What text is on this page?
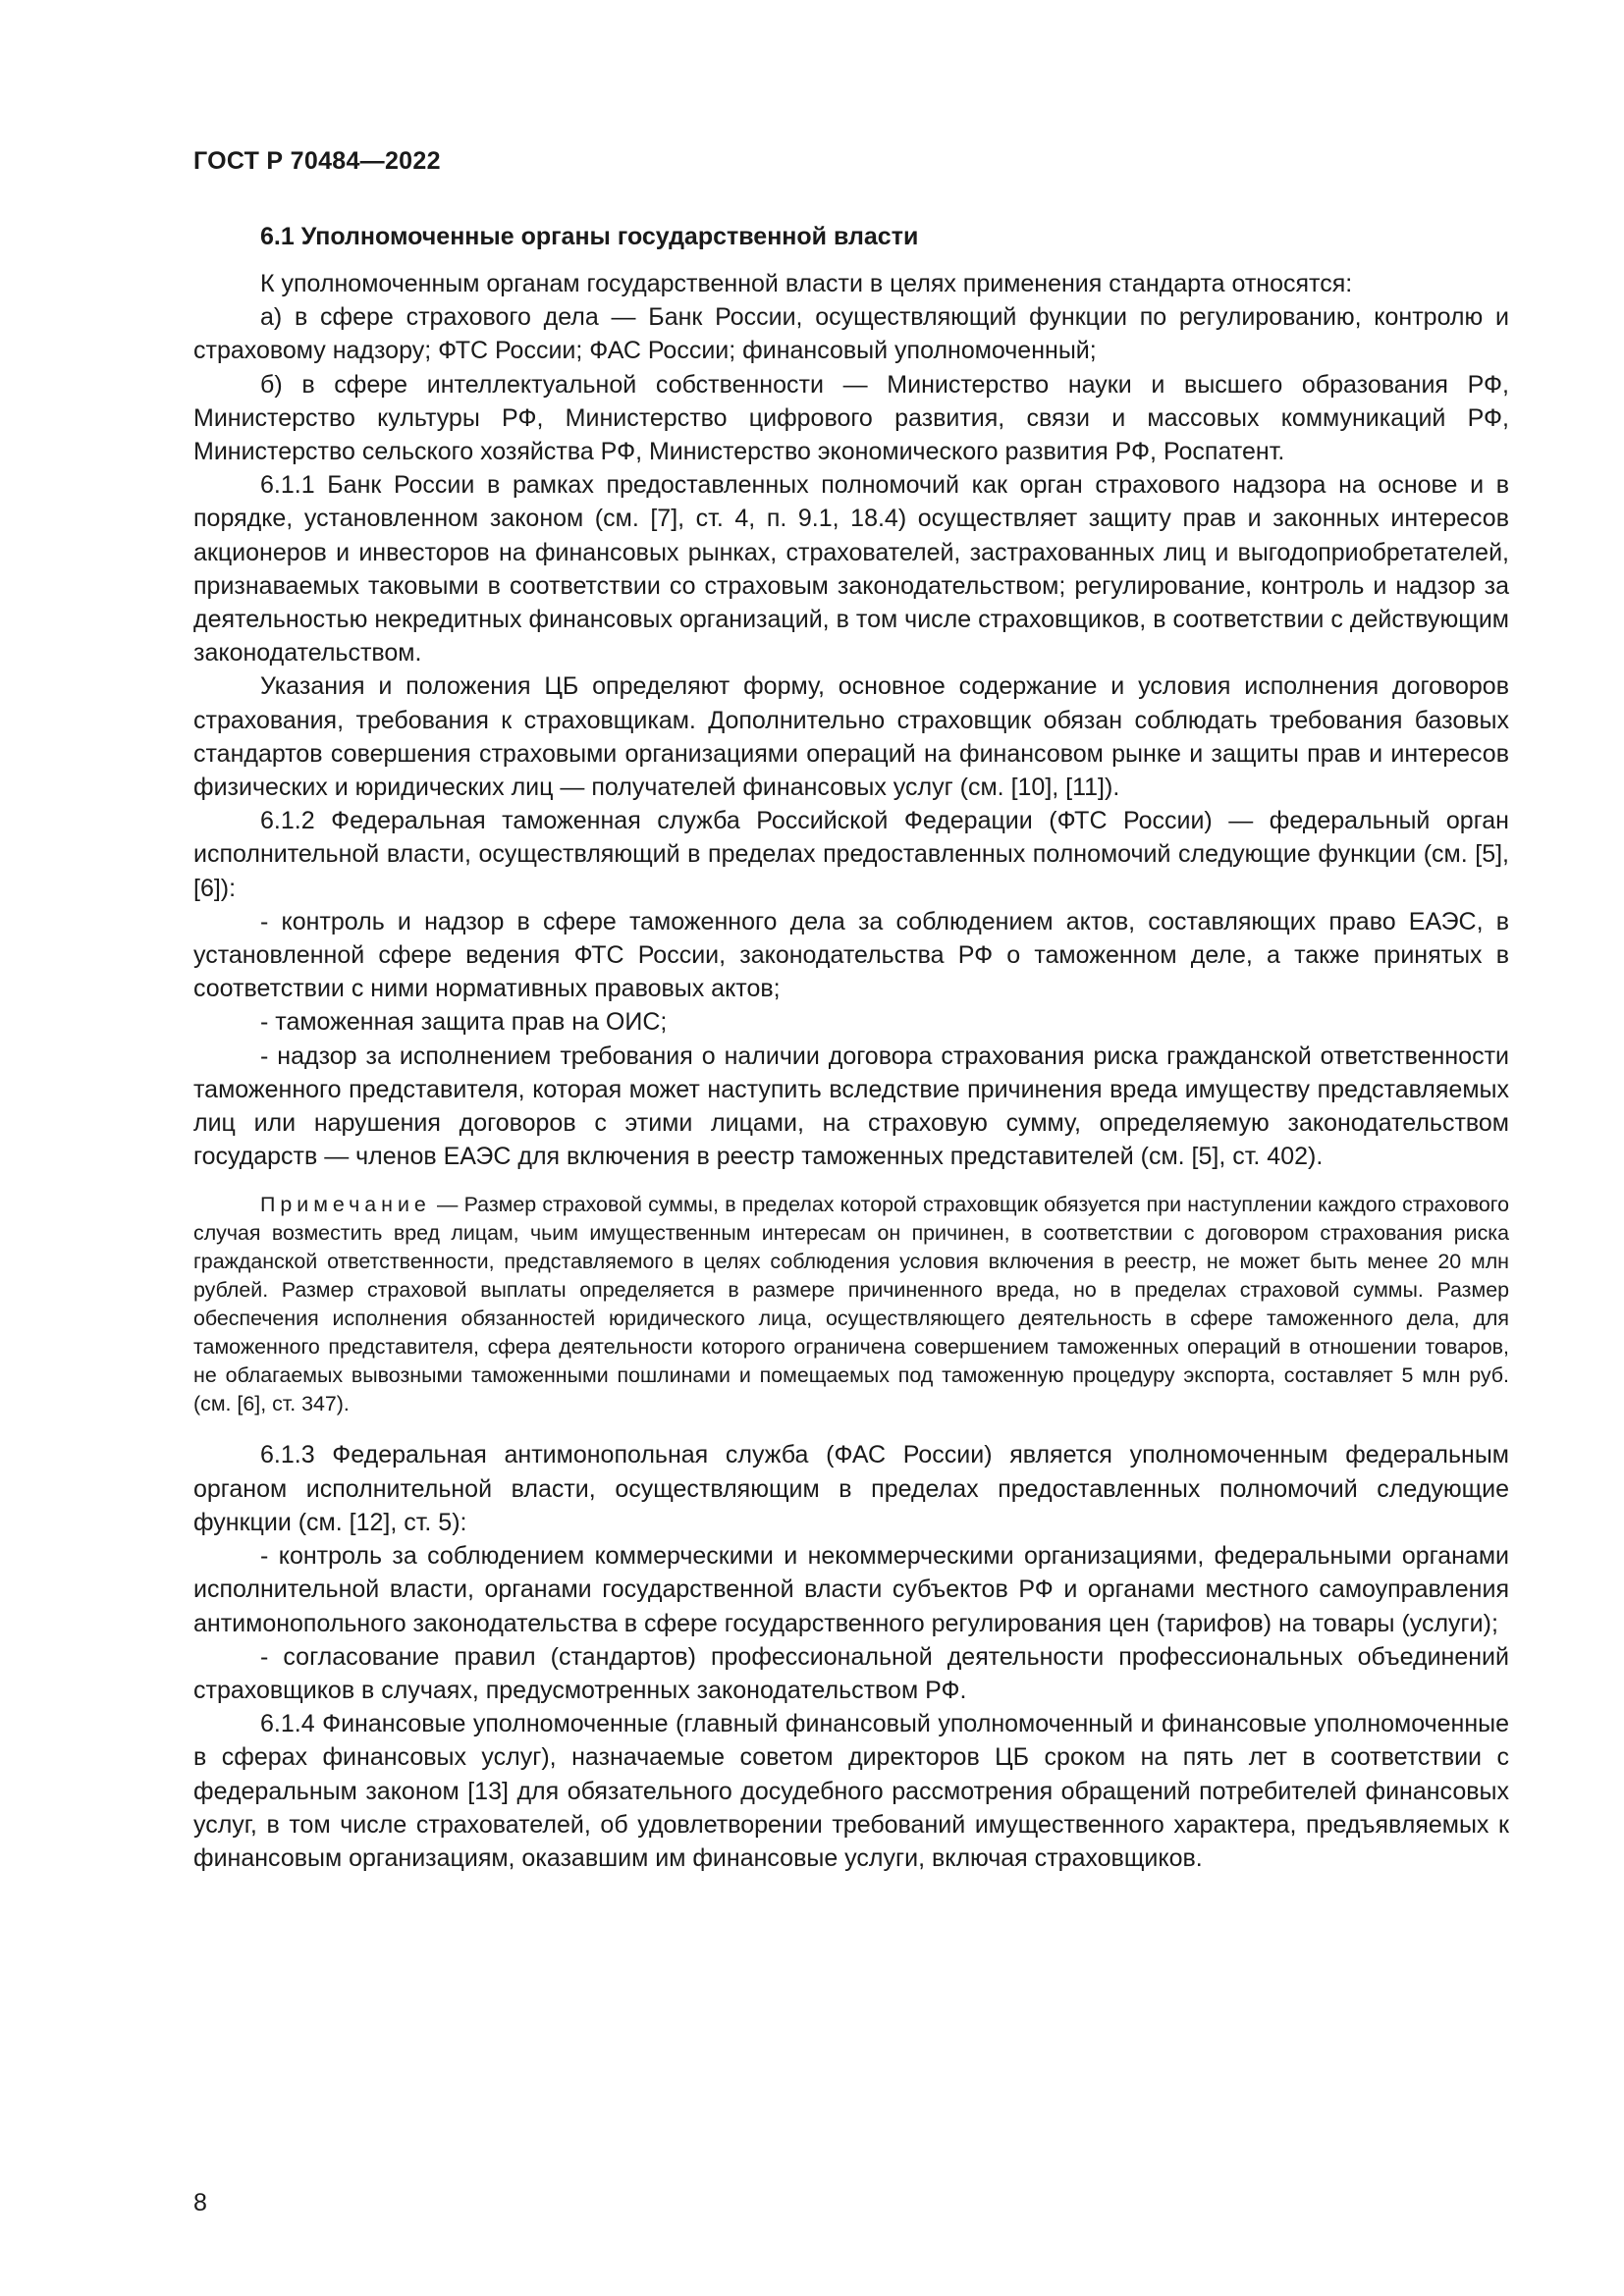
ГОСТ Р 70484—2022
6.1 Уполномоченные органы государственной власти

К уполномоченным органам государственной власти в целях применения стандарта относятся:

а) в сфере страхового дела — Банк России, осуществляющий функции по регулированию, контролю и страховому надзору; ФТС России; ФАС России; финансовый уполномоченный;

б) в сфере интеллектуальной собственности — Министерство науки и высшего образования РФ, Министерство культуры РФ, Министерство цифрового развития, связи и массовых коммуникаций РФ, Министерство сельского хозяйства РФ, Министерство экономического развития РФ, Роспатент.

6.1.1 Банк России в рамках предоставленных полномочий как орган страхового надзора на основе и в порядке, установленном законом (см. [7], ст. 4, п. 9.1, 18.4) осуществляет защиту прав и законных интересов акционеров и инвесторов на финансовых рынках, страхователей, застрахованных лиц и выгодоприобретателей, признаваемых таковыми в соответствии со страховым законодательством; регулирование, контроль и надзор за деятельностью некредитных финансовых организаций, в том числе страховщиков, в соответствии с действующим законодательством.

Указания и положения ЦБ определяют форму, основное содержание и условия исполнения договоров страхования, требования к страховщикам. Дополнительно страховщик обязан соблюдать требования базовых стандартов совершения страховыми организациями операций на финансовом рынке и защиты прав и интересов физических и юридических лиц — получателей финансовых услуг (см. [10], [11]).

6.1.2 Федеральная таможенная служба Российской Федерации (ФТС России) — федеральный орган исполнительной власти, осуществляющий в пределах предоставленных полномочий следующие функции (см. [5], [6]):

- контроль и надзор в сфере таможенного дела за соблюдением актов, составляющих право ЕАЭС, в установленной сфере ведения ФТС России, законодательства РФ о таможенном деле, а также принятых в соответствии с ними нормативных правовых актов;

- таможенная защита прав на ОИС;

- надзор за исполнением требования о наличии договора страхования риска гражданской ответственности таможенного представителя, которая может наступить вследствие причинения вреда имуществу представляемых лиц или нарушения договоров с этими лицами, на страховую сумму, определяемую законодательством государств — членов ЕАЭС для включения в реестр таможенных представителей (см. [5], ст. 402).

Примечание — Размер страховой суммы, в пределах которой страховщик обязуется при наступлении каждого страхового случая возместить вред лицам, чьим имущественным интересам он причинен, в соответствии с договором страхования риска гражданской ответственности, представляемого в целях соблюдения условия включения в реестр, не может быть менее 20 млн рублей. Размер страховой выплаты определяется в размере причиненного вреда, но в пределах страховой суммы. Размер обеспечения исполнения обязанностей юридического лица, осуществляющего деятельность в сфере таможенного дела, для таможенного представителя, сфера деятельности которого ограничена совершением таможенных операций в отношении товаров, не облагаемых вывозными таможенными пошлинами и помещаемых под таможенную процедуру экспорта, составляет 5 млн руб. (см. [6], ст. 347).

6.1.3 Федеральная антимонопольная служба (ФАС России) является уполномоченным федеральным органом исполнительной власти, осуществляющим в пределах предоставленных полномочий следующие функции (см. [12], ст. 5):

- контроль за соблюдением коммерческими и некоммерческими организациями, федеральными органами исполнительной власти, органами государственной власти субъектов РФ и органами местного самоуправления антимонопольного законодательства в сфере государственного регулирования цен (тарифов) на товары (услуги);

- согласование правил (стандартов) профессиональной деятельности профессиональных объединений страховщиков в случаях, предусмотренных законодательством РФ.

6.1.4 Финансовые уполномоченные (главный финансовый уполномоченный и финансовые уполномоченные в сферах финансовых услуг), назначаемые советом директоров ЦБ сроком на пять лет в соответствии с федеральным законом [13] для обязательного досудебного рассмотрения обращений потребителей финансовых услуг, в том числе страхователей, об удовлетворении требований имущественного характера, предъявляемых к финансовым организациям, оказавшим им финансовые услуги, включая страховщиков.

8
